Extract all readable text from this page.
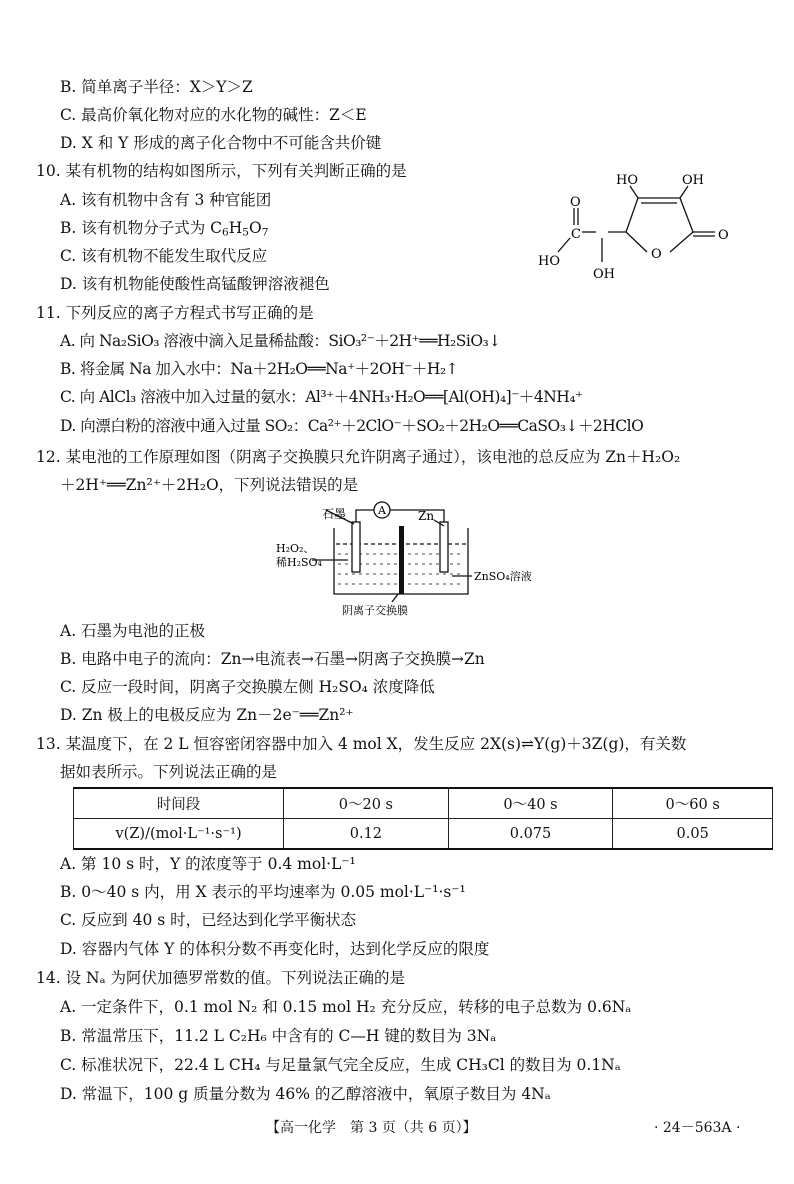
B. 简单离子半径：X＞Y＞Z
C. 最高价氧化物对应的水化物的碱性：Z＜E
D. X 和 Y 形成的离子化合物中不可能含共价键
10. 某有机物的结构如图所示，下列有关判断正确的是
A. 该有机物中含有 3 种官能团
B. 该有机物分子式为 $C_6H_5O_7$
C. 该有机物不能发生取代反应
D. 该有机物能使酸性高锰酸钾溶液褪色
HO	OH
O
O
O
C
HO
OH
11. 下列反应的离子方程式书写正确的是
A. 向 Na₂SiO₃ 溶液中滴入足量稀盐酸：SiO₃²⁻＋2H⁺══H₂SiO₃↓
B. 将金属 Na 加入水中：Na＋2H₂O══Na⁺＋2OH⁻＋H₂↑
C. 向 AlCl₃ 溶液中加入过量的氨水：Al³⁺＋4NH₃·H₂O══[Al(OH)₄]⁻＋4NH₄⁺
D. 向漂白粉的溶液中通入过量 SO₂：Ca²⁺＋2ClO⁻＋SO₂＋2H₂O══CaSO₃↓＋2HClO
12. 某电池的工作原理如图（阴离子交换膜只允许阴离子通过），该电池的总反应为 Zn＋H₂O₂
＋2H⁺══Zn²⁺＋2H₂O，下列说法错误的是
A
石墨	Zn
H₂O₂、
稀H₂SO₄
ZnSO₄溶液
阴离子交换膜
A. 石墨为电池的正极
B. 电路中电子的流向：Zn→电流表→石墨→阴离子交换膜→Zn
C. 反应一段时间，阴离子交换膜左侧 H₂SO₄ 浓度降低
D. Zn 极上的电极反应为 Zn－2e⁻══Zn²⁺
13. 某温度下，在 2 L 恒容密闭容器中加入 4 mol X，发生反应 2X(s)⇌Y(g)＋3Z(g)，有关数
据如表所示。下列说法正确的是
时间段	0～20 s	0～40 s	0～60 s
v(Z)/(mol·L⁻¹·s⁻¹)	0.12	0.075	0.05
A. 第 10 s 时，Y 的浓度等于 0.4 mol·L⁻¹
B. 0～40 s 内，用 X 表示的平均速率为 0.05 mol·L⁻¹·s⁻¹
C. 反应到 40 s 时，已经达到化学平衡状态
D. 容器内气体 Y 的体积分数不再变化时，达到化学反应的限度
14. 设 Nₐ 为阿伏加德罗常数的值。下列说法正确的是
A. 一定条件下，0.1 mol N₂ 和 0.15 mol H₂ 充分反应，转移的电子总数为 0.6Nₐ
B. 常温常压下，11.2 L C₂H₆ 中含有的 C—H 键的数目为 3Nₐ
C. 标准状况下，22.4 L CH₄ 与足量氯气完全反应，生成 CH₃Cl 的数目为 0.1Nₐ
D. 常温下，100 g 质量分数为 46% 的乙醇溶液中，氧原子数目为 4Nₐ
【高一化学　第 3 页（共 6 页）】	· 24－563A ·
